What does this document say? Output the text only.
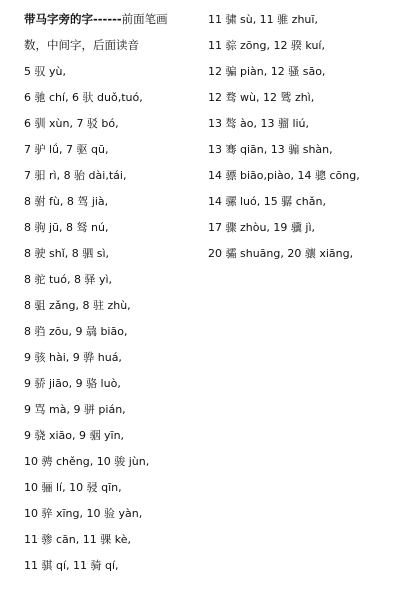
带马字旁的字------前面笔画
数，中间字，后面读音
5 驭 yù,
6 驰 chí, 6 驮 duǒ,tuó,
6 驯 xùn, 7 驳 bó,
7 驴 lǘ, 7 驱 qū,
7 驲 rì, 8 骀 dài,tái,
8 驸 fù, 8 驾 jià,
8 驹 jū, 8 驽 nú,
8 驶 shǐ, 8 驷 sì,
8 驼 tuó, 8 驿 yì,
8 驵 zǎng, 8 驻 zhù,
8 驺 zōu, 9 骉 biāo,
9 骇 hài, 9 骅 huá,
9 骄 jiāo, 9 骆 luò,
9 骂 mà, 9 骈 pián,
9 骁 xiāo, 9 骃 yīn,
10 骋 chěng, 10 骏 jùn,
10 骊 lí, 10 骎 qīn,
10 骍 xīng, 10 验 yàn,
11 骖 cān, 11 骒 kè,
11 骐 qí, 11 骑 qí,
11 骕 sù, 11 骓 zhuī,
11 骔 zōng, 12 骙 kuí,
12 骗 piàn, 12 骚 sāo,
12 骛 wù, 12 骘 zhì,
13 骜 ào, 13 骝 liú,
13 骞 qiān, 13 骟 shàn,
14 骠 biāo,piào, 14 骢 cōng,
14 骡 luó, 15 骣 chǎn,
17 骤 zhòu, 19 骥 jì,
20 骦 shuāng, 20 骧 xiāng,
